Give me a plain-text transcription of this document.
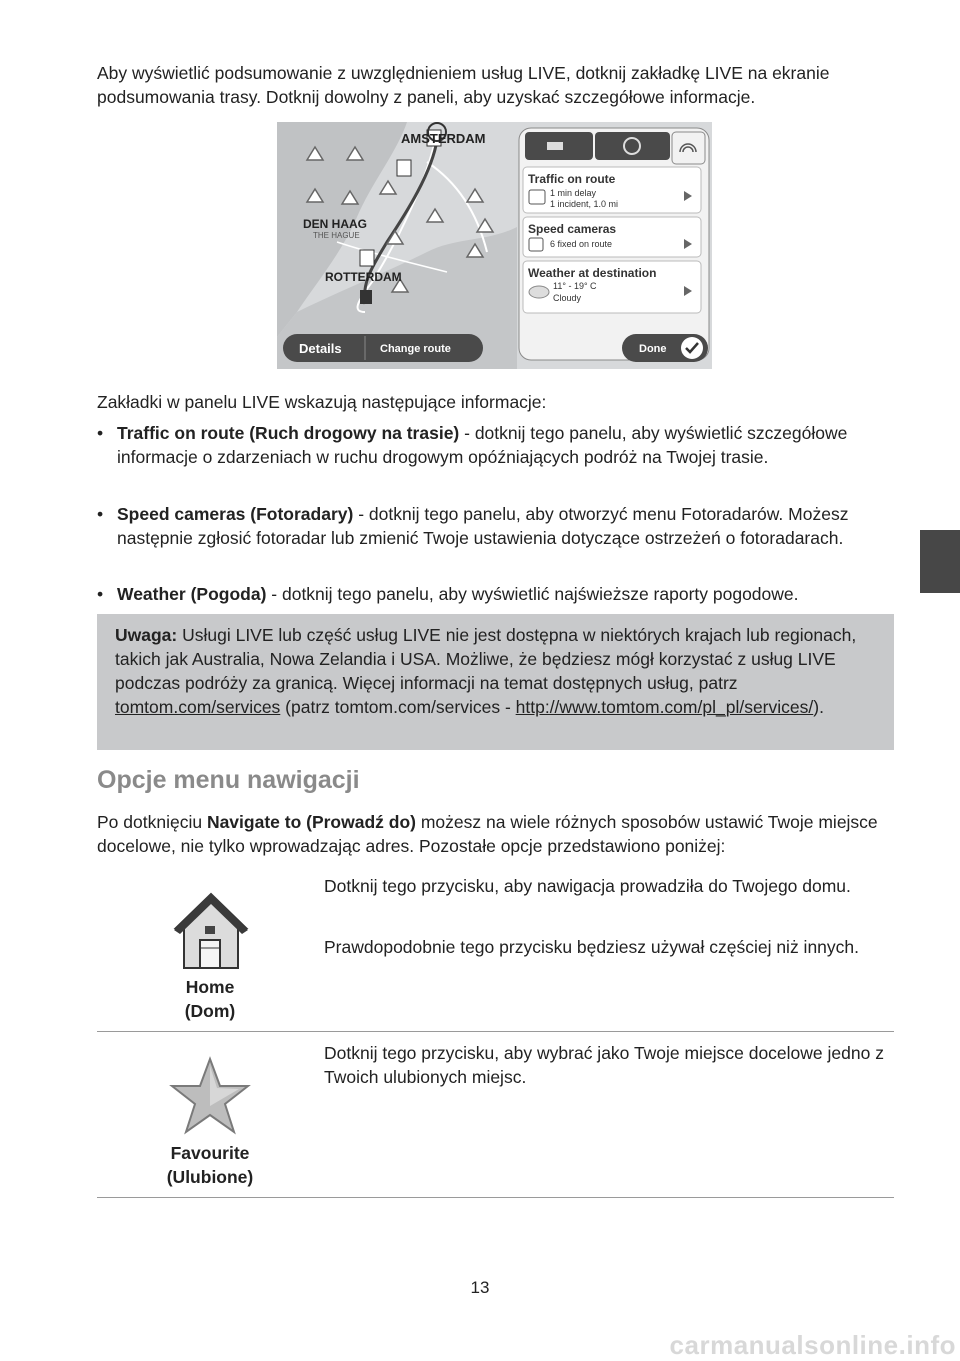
Aby wyświetlić podsumowanie z uwzględnieniem usług LIVE, dotknij zakładkę LIVE na ekranie podsumowania trasy. Dotknij dowolny z paneli, aby uzyskać szczegółowe informacje.

AMSTERDAM
DEN HAAG
THE HAGUE
ROTTERDAM
Traffic on route
1 min delay
1 incident, 1.0 mi
Speed cameras
6 fixed on route
Weather at destination
11° - 19° C
Cloudy
Details	Change route	Done

Zakładki w panelu LIVE wskazują następujące informacje:

• Traffic on route (Ruch drogowy na trasie) - dotknij tego panelu, aby wyświetlić szczegółowe informacje o zdarzeniach w ruchu drogowym opóźniających podróż na Twojej trasie.

• Speed cameras (Fotoradary) - dotknij tego panelu, aby otworzyć menu Fotoradarów. Możesz następnie zgłosić fotoradar lub zmienić Twoje ustawienia dotyczące ostrzeżeń o fotoradarach.

• Weather (Pogoda) - dotknij tego panelu, aby wyświetlić najświeższe raporty pogodowe.

Uwaga: Usługi LIVE lub część usług LIVE nie jest dostępna w niektórych krajach lub regionach, takich jak Australia, Nowa Zelandia i USA. Możliwe, że będziesz mógł korzystać z usług LIVE podczas podróży za granicą. Więcej informacji na temat dostępnych usług, patrz tomtom.com/services (patrz tomtom.com/services - http://www.tomtom.com/pl_pl/services/).

Opcje menu nawigacji

Po dotknięciu Navigate to (Prowadź do) możesz na wiele różnych sposobów ustawić Twoje miejsce docelowe, nie tylko wprowadzając adres. Pozostałe opcje przedstawiono poniżej:

Home
(Dom)

Dotknij tego przycisku, aby nawigacja prowadziła do Twojego domu.

Prawdopodobnie tego przycisku będziesz używał częściej niż innych.

Favourite
(Ulubione)

Dotknij tego przycisku, aby wybrać jako Twoje miejsce docelowe jedno z Twoich ulubionych miejsc.

13
carmanualsonline.info
